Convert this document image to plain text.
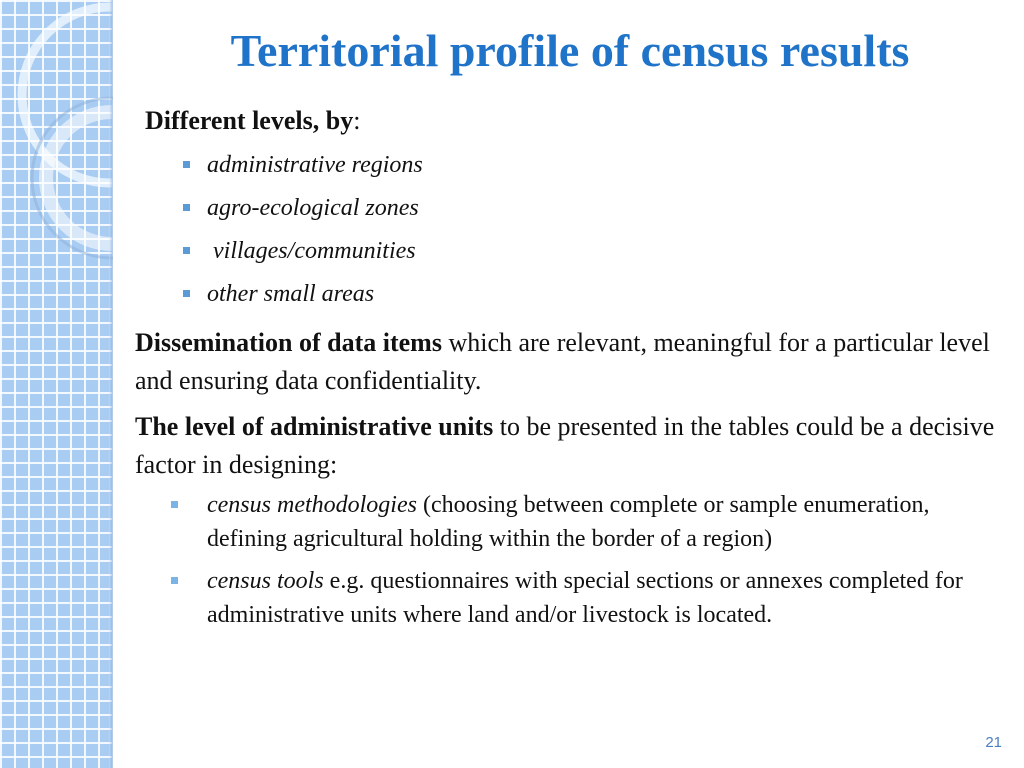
Territorial profile of census results

Different levels, by:

administrative regions
agro-ecological zones
villages/communities
other small areas

Dissemination of data items which are relevant, meaningful for a particular level and ensuring data confidentiality.

The level of administrative units to be presented in the tables could be a decisive factor in designing:

census methodologies (choosing between complete or sample enumeration, defining agricultural holding within the border of a region)
census tools e.g. questionnaires with special sections or annexes completed for administrative units where land and/or livestock is located.
21
